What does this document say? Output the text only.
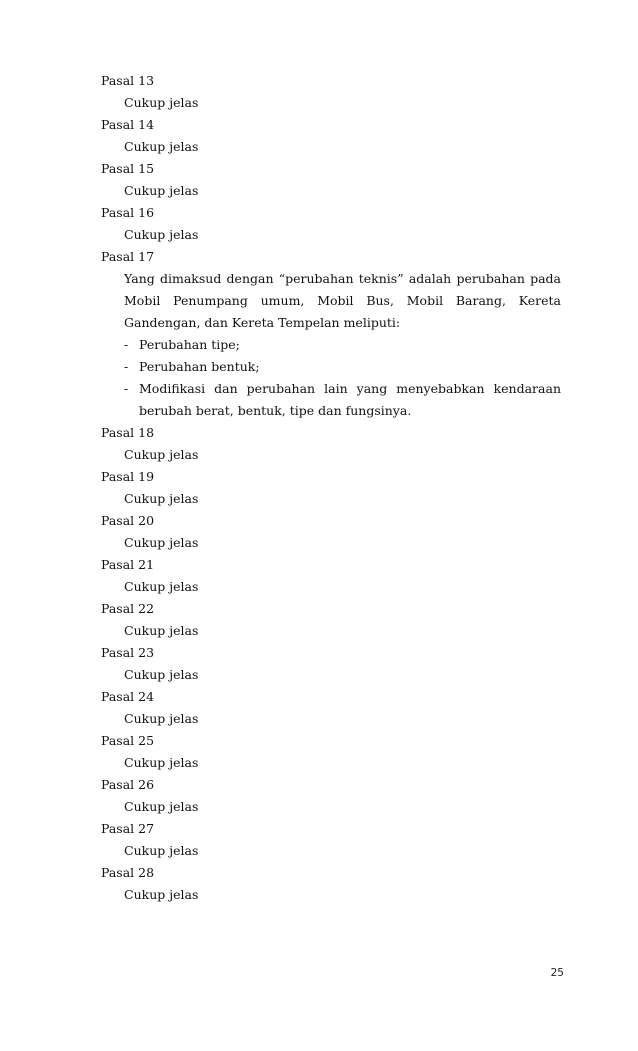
Pasal 13
Cukup jelas
Pasal 14
Cukup jelas
Pasal 15
Cukup jelas
Pasal 16
Cukup jelas
Pasal 17
Yang dimaksud dengan “perubahan teknis” adalah perubahan pada Mobil Penumpang umum, Mobil Bus, Mobil Barang, Kereta Gandengan, dan Kereta Tempelan meliputi:
- Perubahan tipe;
- Perubahan bentuk;
- Modifikasi dan perubahan lain yang menyebabkan kendaraan berubah berat, bentuk, tipe dan fungsinya.
Pasal 18
Cukup jelas
Pasal 19
Cukup jelas
Pasal 20
Cukup jelas
Pasal 21
Cukup jelas
Pasal 22
Cukup jelas
Pasal 23
Cukup jelas
Pasal 24
Cukup jelas
Pasal 25
Cukup jelas
Pasal 26
Cukup jelas
Pasal 27
Cukup jelas
Pasal 28
Cukup jelas
25
